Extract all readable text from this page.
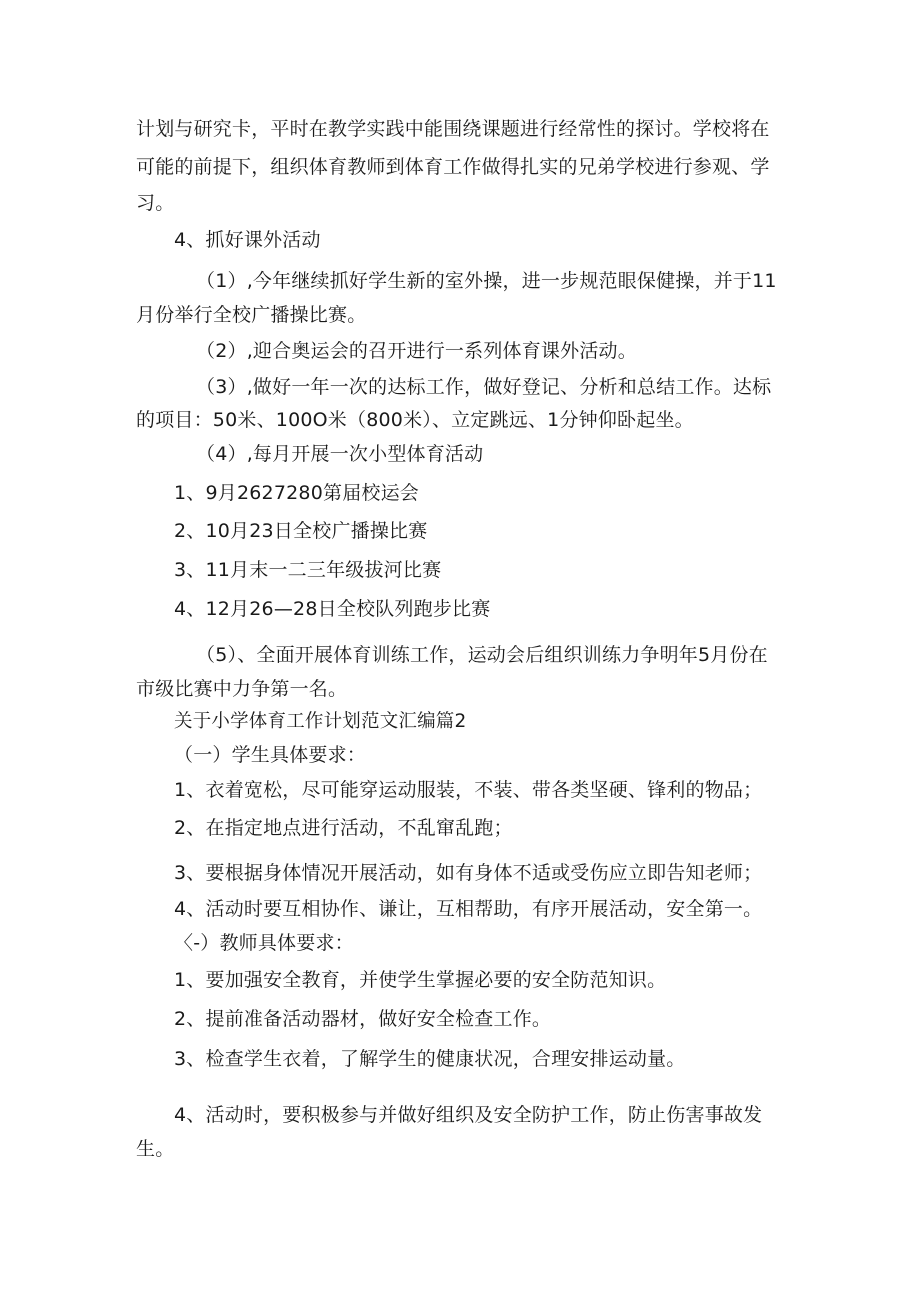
计划与研究卡，平时在教学实践中能围绕课题进行经常性的探讨。学校将在
可能的前提下，组织体育教师到体育工作做得扎实的兄弟学校进行参观、学
习。
4、抓好课外活动
（1）,今年继续抓好学生新的室外操，进一步规范眼保健操，并于11
月份举行全校广播操比赛。
（2）,迎合奥运会的召开进行一系列体育课外活动。
（3）,做好一年一次的达标工作，做好登记、分析和总结工作。达标
的项目：50米、100O米（800米）、立定跳远、1分钟仰卧起坐。
（4）,每月开展一次小型体育活动
1、9月2627280第届校运会
2、10月23日全校广播操比赛
3、11月末一二三年级拔河比赛
4、12月26—28日全校队列跑步比赛
（5）、全面开展体育训练工作，运动会后组织训练力争明年5月份在
市级比赛中力争第一名。
关于小学体育工作计划范文汇编篇2
（一）学生具体要求：
1、衣着宽松，尽可能穿运动服装，不装、带各类坚硬、锋利的物品；
2、在指定地点进行活动，不乱窜乱跑；
3、要根据身体情况开展活动，如有身体不适或受伤应立即告知老师；
4、活动时要互相协作、谦让，互相帮助，有序开展活动，安全第一。
〈-）教师具体要求：
1、要加强安全教育，并使学生掌握必要的安全防范知识。
2、提前准备活动器材，做好安全检查工作。
3、检查学生衣着，了解学生的健康状况，合理安排运动量。
4、活动时，要积极参与并做好组织及安全防护工作，防止伤害事故发
生。
